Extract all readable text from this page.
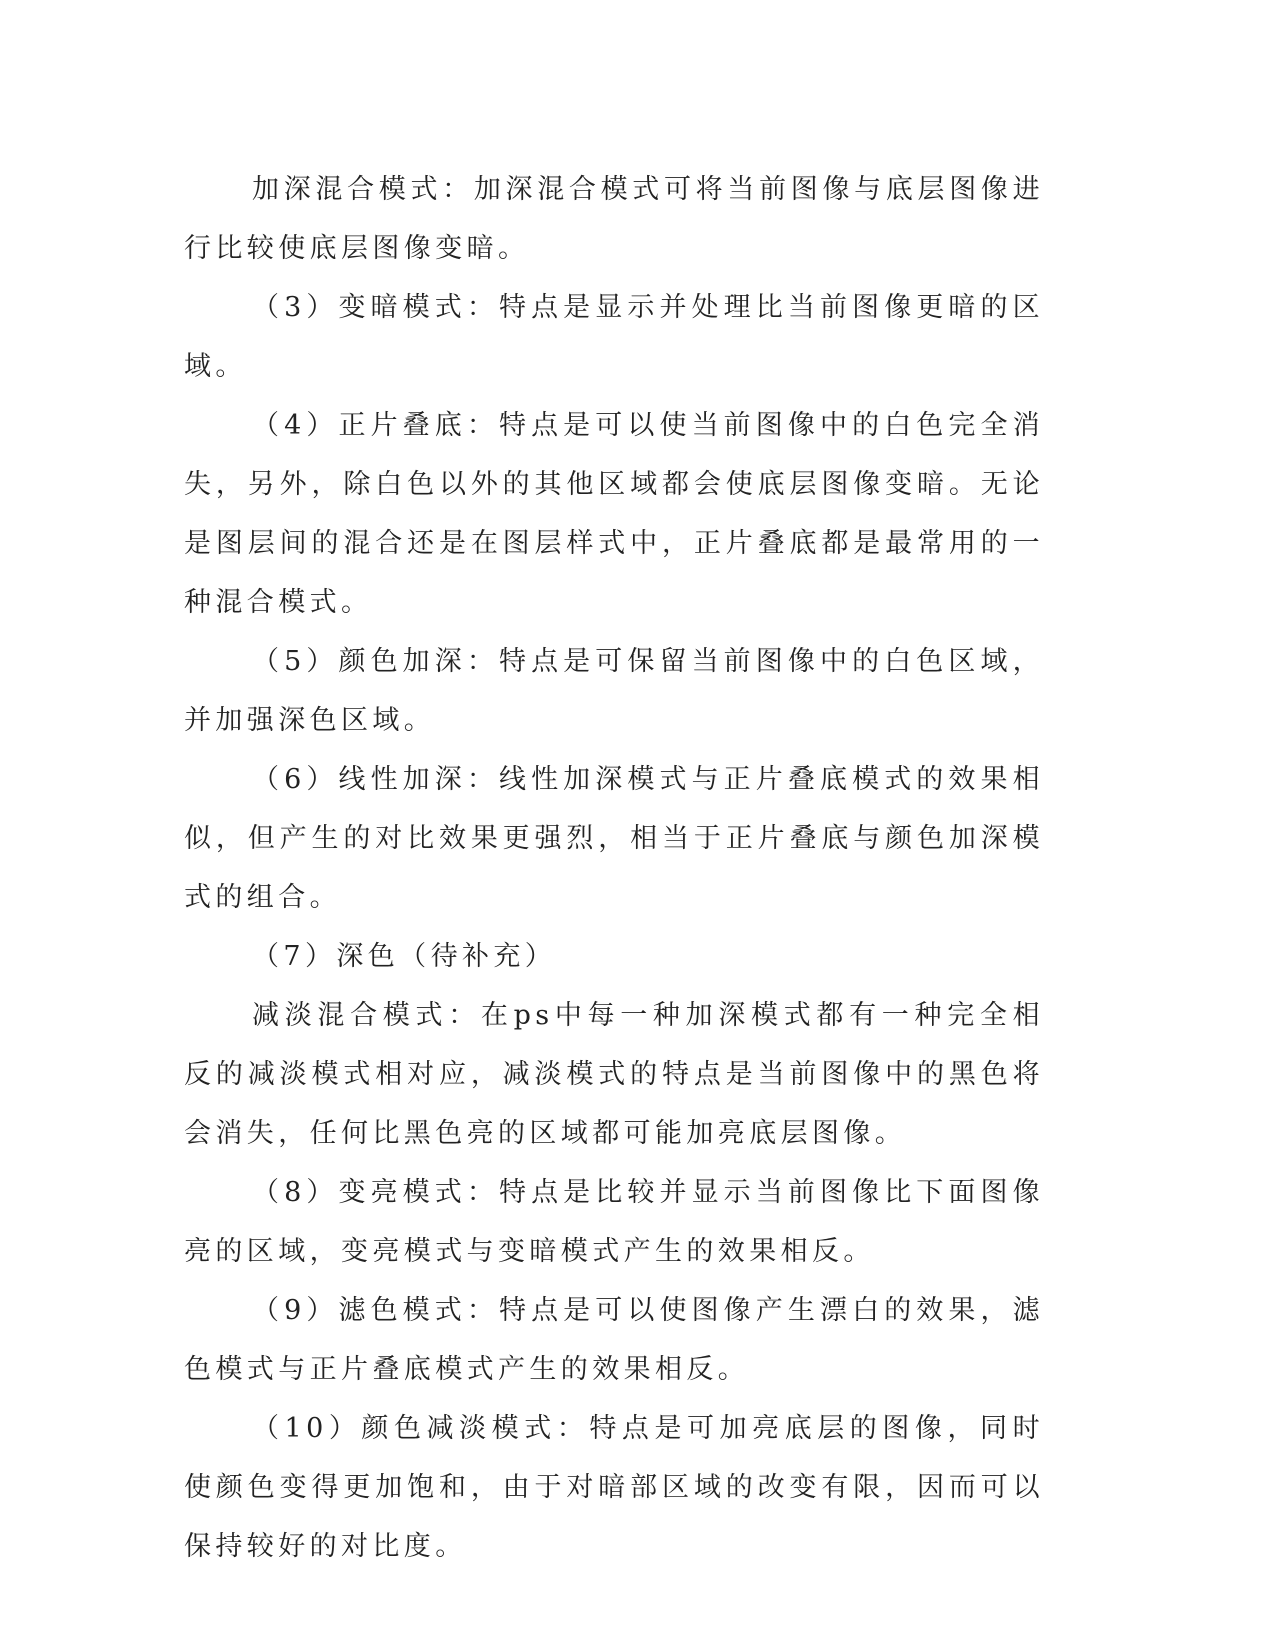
加深混合模式：加深混合模式可将当前图像与底层图像进行比较使底层图像变暗。

（3）变暗模式：特点是显示并处理比当前图像更暗的区域。

（4）正片叠底：特点是可以使当前图像中的白色完全消失，另外，除白色以外的其他区域都会使底层图像变暗。无论是图层间的混合还是在图层样式中，正片叠底都是最常用的一种混合模式。

（5）颜色加深：特点是可保留当前图像中的白色区域，并加强深色区域。

（6）线性加深：线性加深模式与正片叠底模式的效果相似，但产生的对比效果更强烈，相当于正片叠底与颜色加深模式的组合。

（7）深色（待补充）

减淡混合模式：在ps中每一种加深模式都有一种完全相反的减淡模式相对应，减淡模式的特点是当前图像中的黑色将会消失，任何比黑色亮的区域都可能加亮底层图像。

（8）变亮模式：特点是比较并显示当前图像比下面图像亮的区域，变亮模式与变暗模式产生的效果相反。

（9）滤色模式：特点是可以使图像产生漂白的效果，滤色模式与正片叠底模式产生的效果相反。

（10）颜色减淡模式：特点是可加亮底层的图像，同时使颜色变得更加饱和，由于对暗部区域的改变有限，因而可以保持较好的对比度。
